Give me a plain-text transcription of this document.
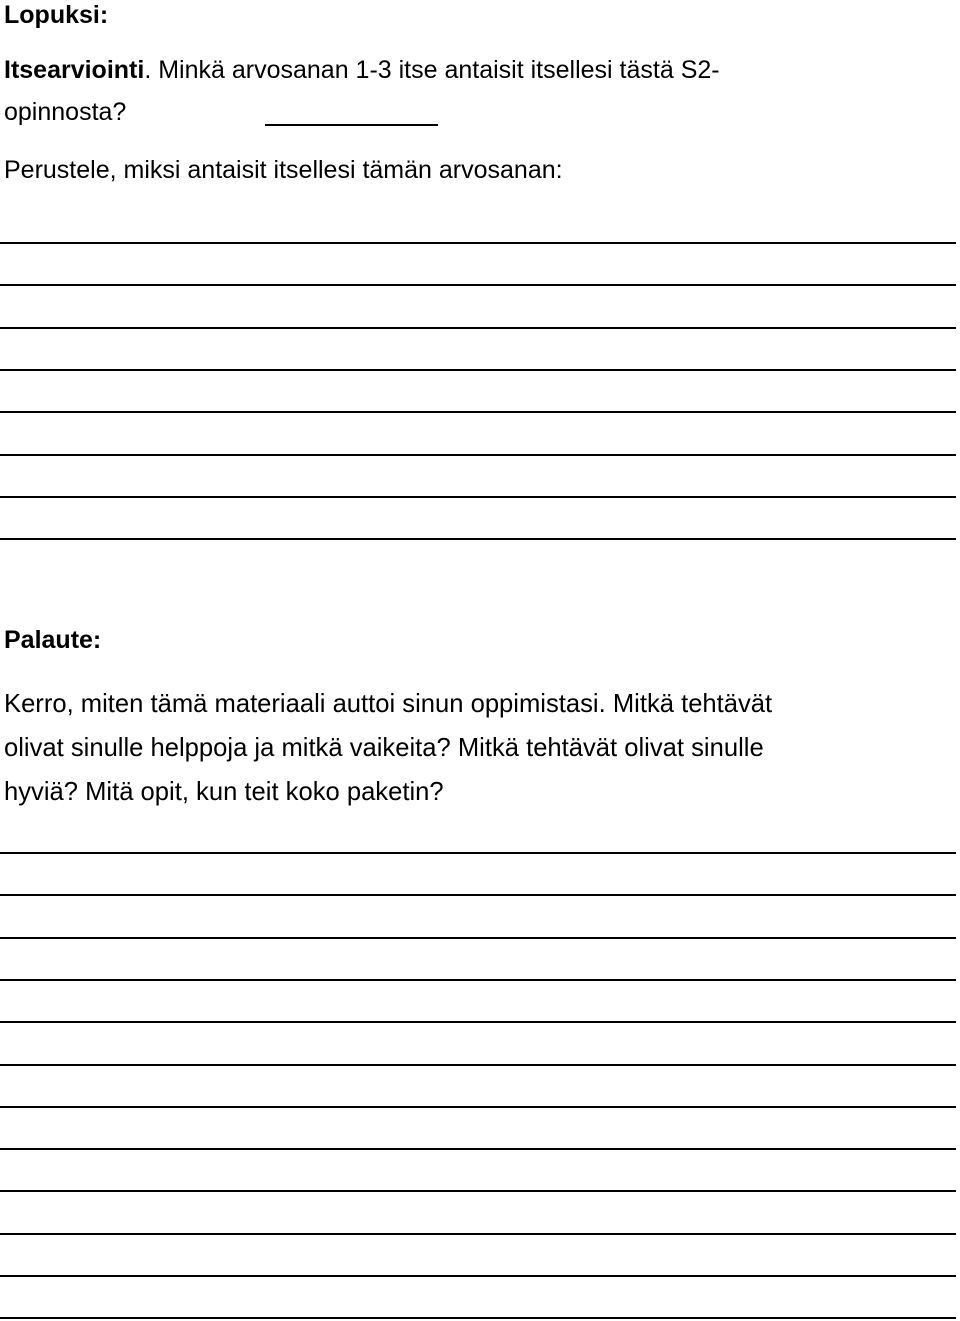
Lopuksi:

Itsearviointi. Minkä arvosanan 1-3 itse antaisit itsellesi tästä S2-

opinnosta?

Perustele, miksi antaisit itsellesi tämän arvosanan:

Palaute:

Kerro, miten tämä materiaali auttoi sinun oppimistasi. Mitkä tehtävät
olivat sinulle helppoja ja mitkä vaikeita? Mitkä tehtävät olivat sinulle
hyviä? Mitä opit, kun teit koko paketin?
